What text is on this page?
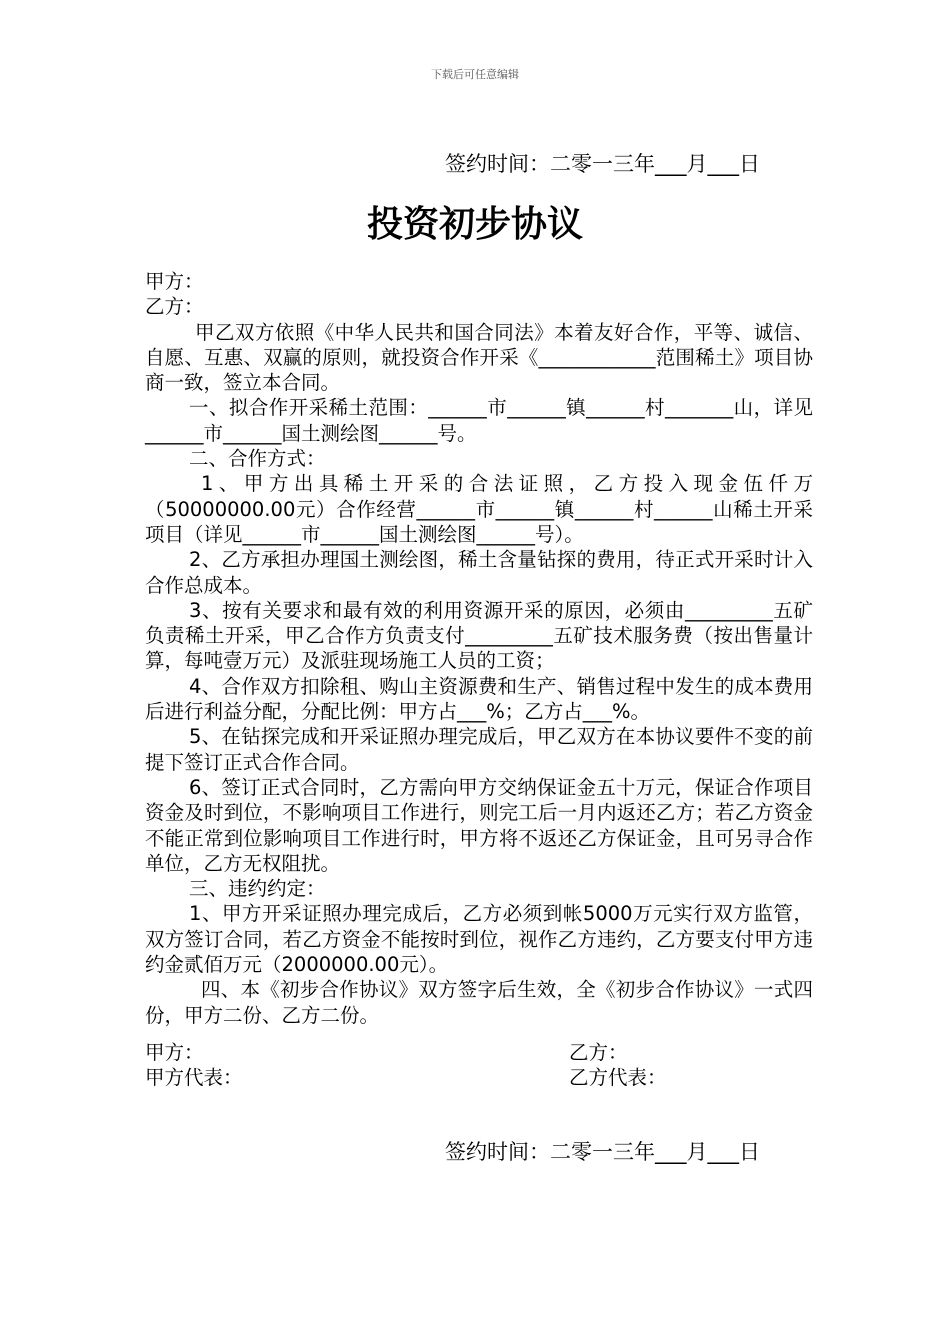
下载后可任意编辑
签约时间：二零一三年___月___日
投资初步协议

甲方：

乙方：

甲乙双方依照《中华人民共和国合同法》本着友好合作，平等、诚信、自愿、互惠、双赢的原则，就投资合作开采《____________范围稀土》项目协商一致，签立本合同。

一、拟合作开采稀土范围：______市______镇______村_______山，详见______市______国土测绘图______号。

二、合作方式：

1、甲方出具稀土开采的合法证照，乙方投入现金伍仟万（50000000.00元）合作经营______市______镇______村______山稀土开采项目（详见______市______国土测绘图______号）。

2、乙方承担办理国土测绘图，稀土含量钻探的费用，待正式开采时计入合作总成本。

3、按有关要求和最有效的利用资源开采的原因，必须由_________五矿负责稀土开采，甲乙合作方负责支付_________五矿技术服务费（按出售量计算，每吨壹万元）及派驻现场施工人员的工资；

4、合作双方扣除租、购山主资源费和生产、销售过程中发生的成本费用后进行利益分配，分配比例：甲方占___%；乙方占___%。

5、在钻探完成和开采证照办理完成后，甲乙双方在本协议要件不变的前提下签订正式合作合同。

6、签订正式合同时，乙方需向甲方交纳保证金五十万元，保证合作项目资金及时到位，不影响项目工作进行，则完工后一月内返还乙方；若乙方资金不能正常到位影响项目工作进行时，甲方将不返还乙方保证金，且可另寻合作单位，乙方无权阻扰。

三、违约约定：

1、甲方开采证照办理完成后，乙方必须到帐5000万元实行双方监管，双方签订合同，若乙方资金不能按时到位，视作乙方违约，乙方要支付甲方违约金贰佰万元（2000000.00元）。

四、本《初步合作协议》双方签字后生效，全《初步合作协议》一式四份，甲方二份、乙方二份。

甲方：
甲方代表：
乙方：
乙方代表：
签约时间：二零一三年___月___日
